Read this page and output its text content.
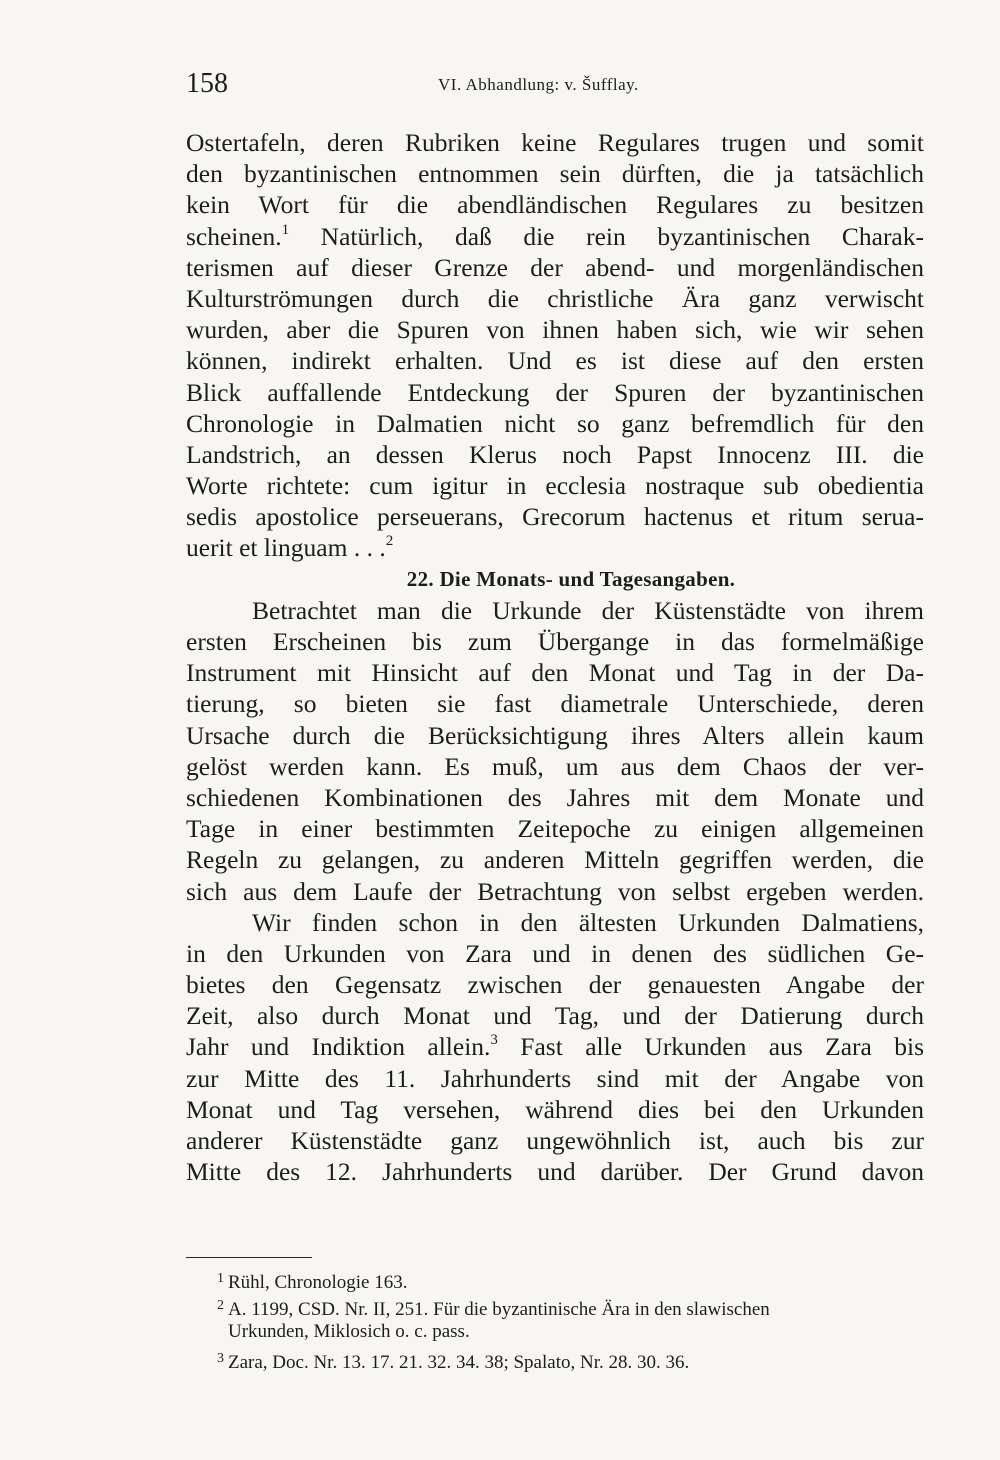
158	VI. Abhandlung: v. Šufflay.
Ostertafeln, deren Rubriken keine Regulares trugen und somit
den byzantinischen entnommen sein dürften, die ja tatsächlich
kein Wort für die abendländischen Regulares zu besitzen
scheinen.$^1$ Natürlich, daß die rein byzantinischen Charak-
terismen auf dieser Grenze der abend- und morgenländischen
Kulturströmungen durch die christliche Ära ganz verwischt
wurden, aber die Spuren von ihnen haben sich, wie wir sehen
können, indirekt erhalten. Und es ist diese auf den ersten
Blick auffallende Entdeckung der Spuren der byzantinischen
Chronologie in Dalmatien nicht so ganz befremdlich für den
Landstrich, an dessen Klerus noch Papst Innocenz III. die
Worte richtete: cum igitur in ecclesia nostraque sub obedientia
sedis apostolice perseuerans, Grecorum hactenus et ritum serua-
uerit et linguam . . .$^2$
22. Die Monats- und Tagesangaben.
Betrachtet man die Urkunde der Küstenstädte von ihrem
ersten Erscheinen bis zum Übergange in das formelmäßige
Instrument mit Hinsicht auf den Monat und Tag in der Da-
tierung, so bieten sie fast diametrale Unterschiede, deren
Ursache durch die Berücksichtigung ihres Alters allein kaum
gelöst werden kann. Es muß, um aus dem Chaos der ver-
schiedenen Kombinationen des Jahres mit dem Monate und
Tage in einer bestimmten Zeitepoche zu einigen allgemeinen
Regeln zu gelangen, zu anderen Mitteln gegriffen werden, die
sich aus dem Laufe der Betrachtung von selbst ergeben werden.
Wir finden schon in den ältesten Urkunden Dalmatiens,
in den Urkunden von Zara und in denen des südlichen Ge-
bietes den Gegensatz zwischen der genauesten Angabe der
Zeit, also durch Monat und Tag, und der Datierung durch
Jahr und Indiktion allein.$^3$ Fast alle Urkunden aus Zara bis
zur Mitte des 11. Jahrhunderts sind mit der Angabe von
Monat und Tag versehen, während dies bei den Urkunden
anderer Küstenstädte ganz ungewöhnlich ist, auch bis zur
Mitte des 12. Jahrhunderts und darüber. Der Grund davon
1 Rühl, Chronologie 163.
2 A. 1199, CSD. Nr. II, 251. Für die byzantinische Ära in den slawischen
Urkunden, Miklosich o. c. pass.
3 Zara, Doc. Nr. 13. 17. 21. 32. 34. 38; Spalato, Nr. 28. 30. 36.
